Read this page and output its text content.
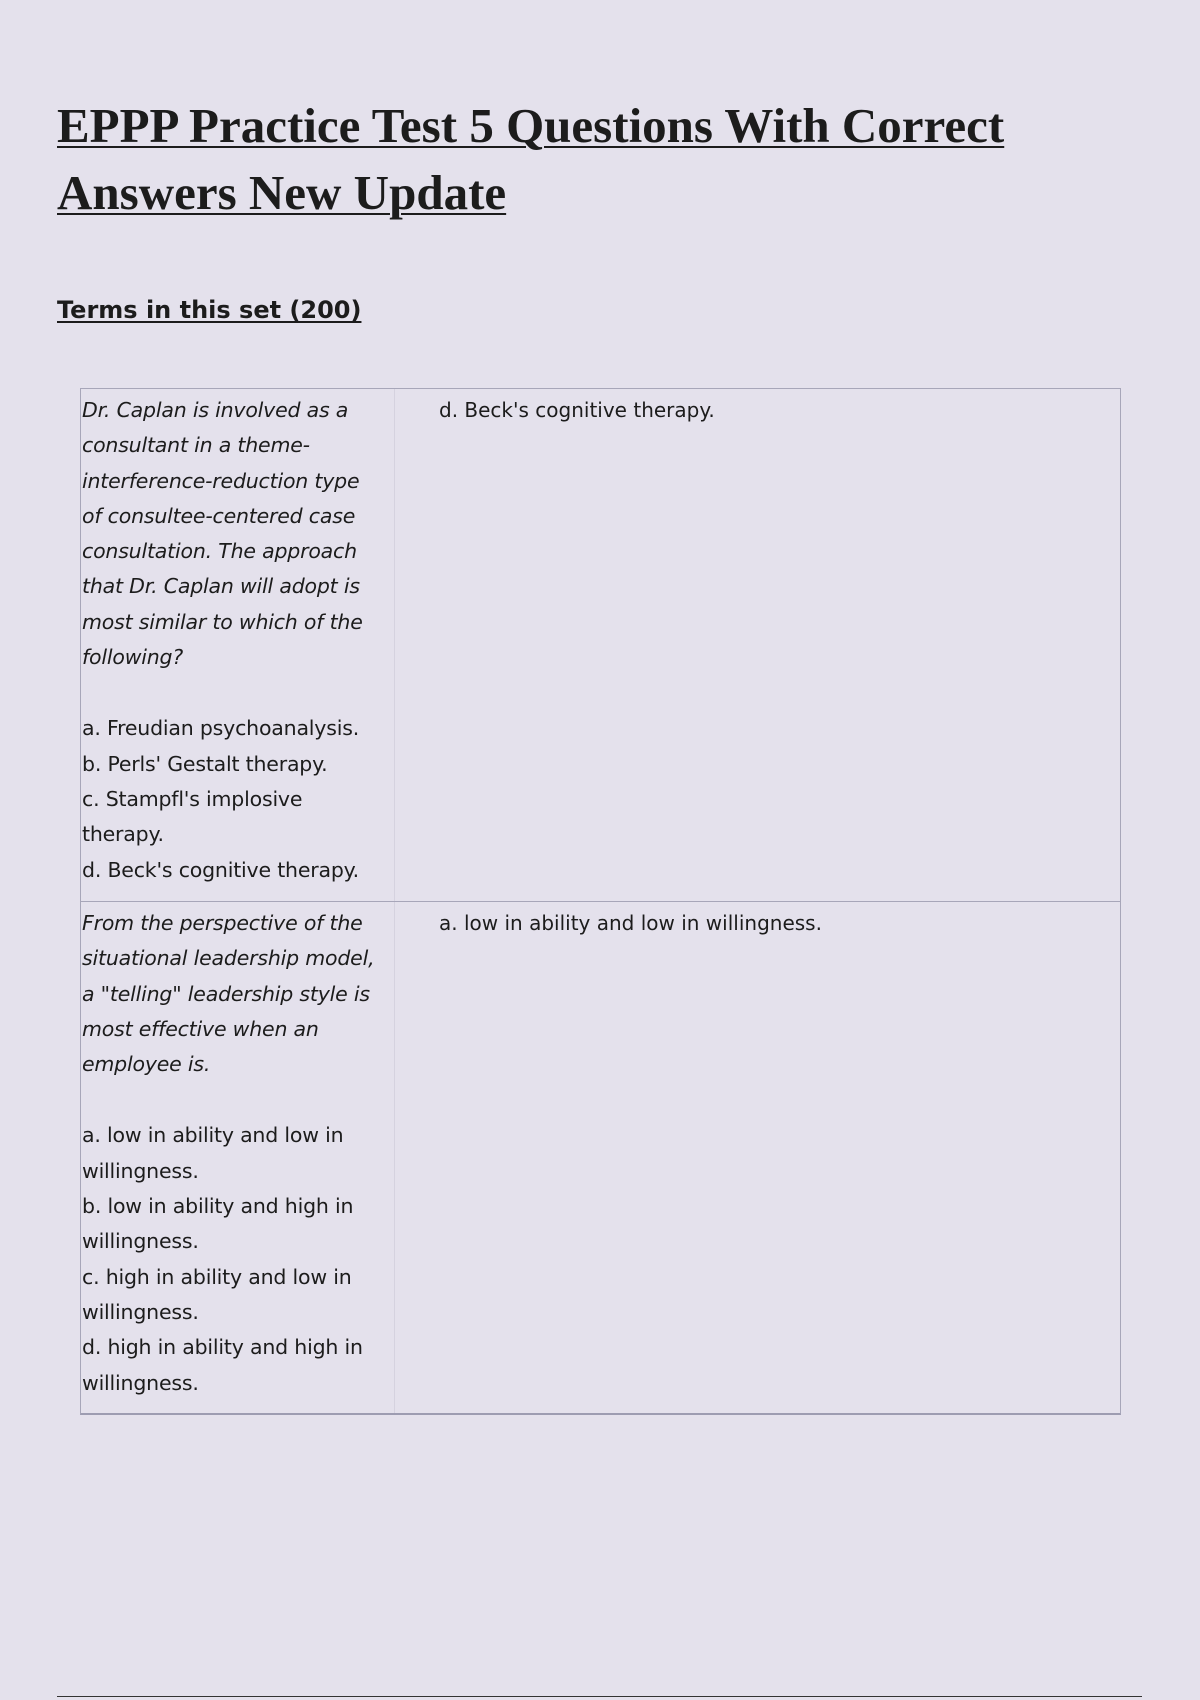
EPPP Practice Test 5 Questions With Correct
Answers New Update
Terms in this set (200)
Dr. Caplan is involved as a
consultant in a theme-
interference-reduction type
of consultee-centered case
consultation. The approach
that Dr. Caplan will adopt is
most similar to which of the
following?
a. Freudian psychoanalysis.
b. Perls' Gestalt therapy.
c. Stampfl's implosive
therapy.
d. Beck's cognitive therapy.
d. Beck's cognitive therapy.
From the perspective of the
situational leadership model,
a "telling" leadership style is
most effective when an
employee is.
a. low in ability and low in
willingness.
b. low in ability and high in
willingness.
c. high in ability and low in
willingness.
d. high in ability and high in
willingness.
a. low in ability and low in willingness.
